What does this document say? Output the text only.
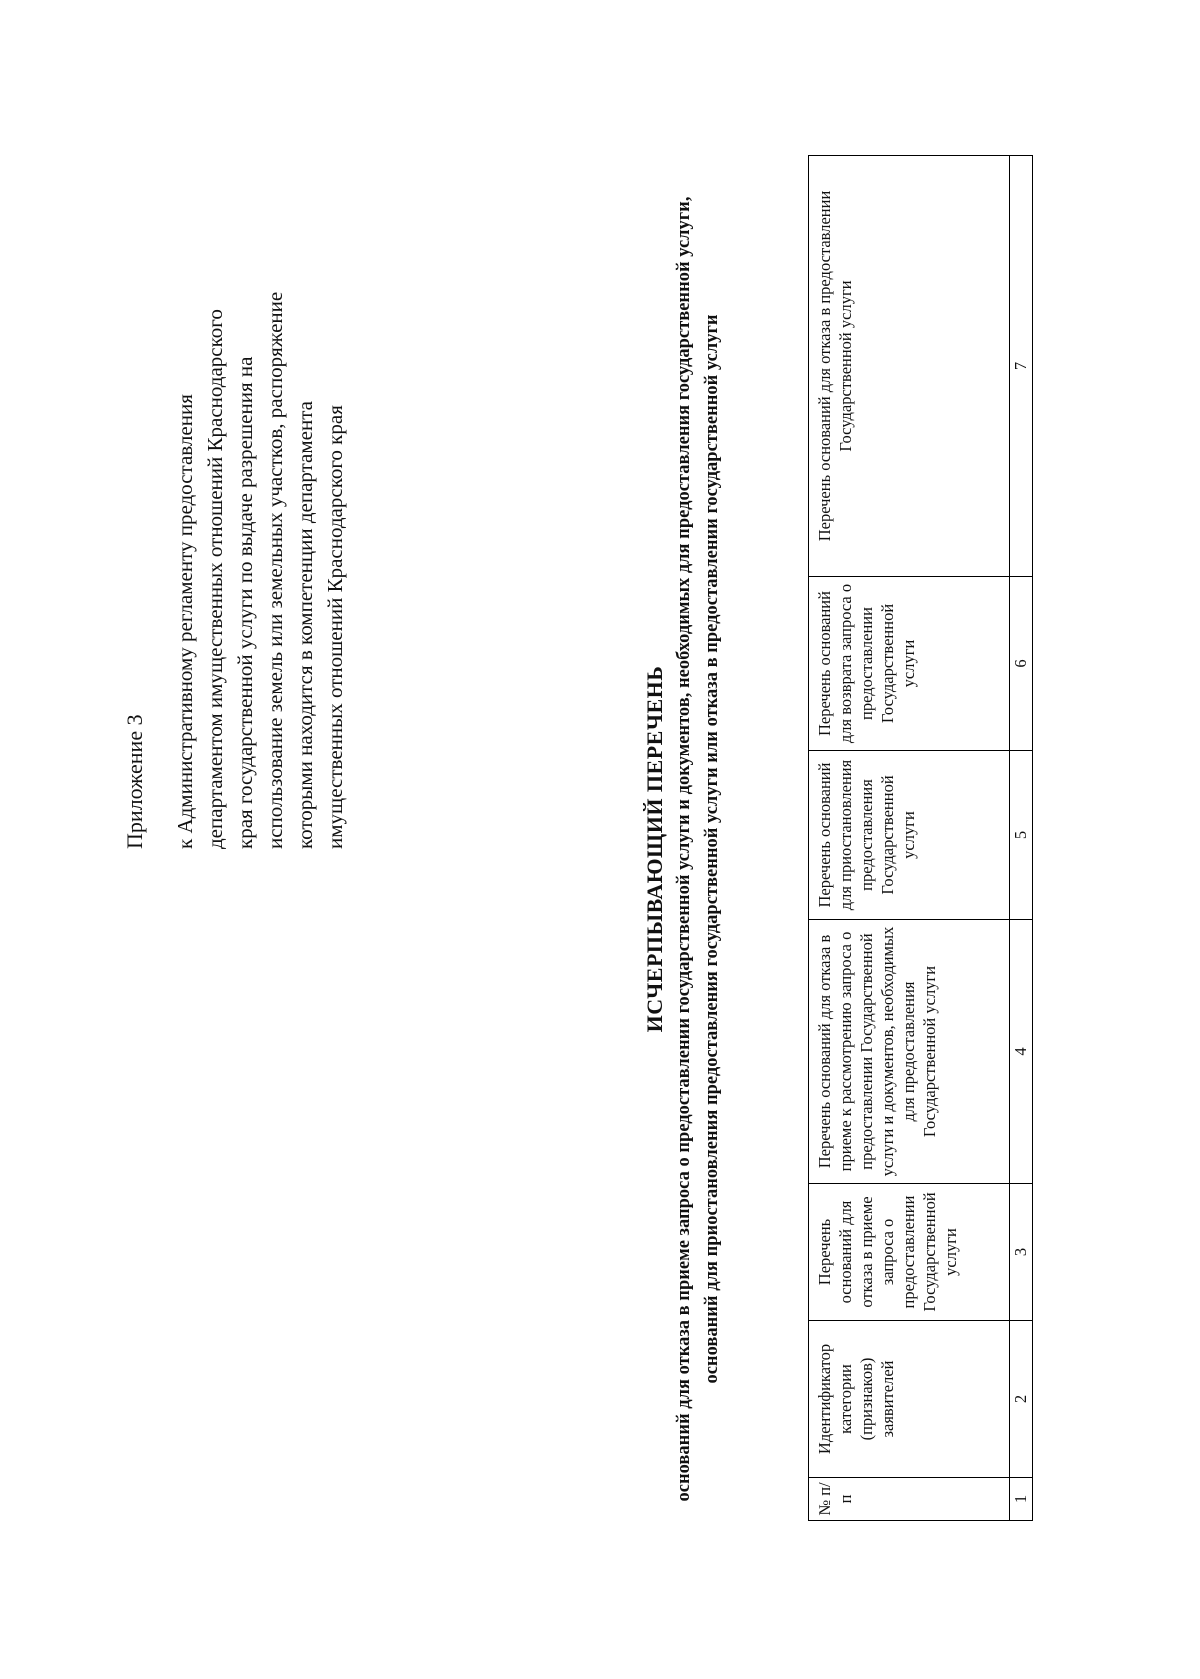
Приложение 3 к Административному регламенту предоставления департаментом имущественных отношений Краснодарского края государственной услуги по выдаче разрешения на использование земель или земельных участков, распоряжение которыми находится в компетенции департамента имущественных отношений Краснодарского края

ИСЧЕРПЫВАЮЩИЙ ПЕРЕЧЕНЬ оснований для отказа в приеме запроса о предоставлении государственной услуги и документов, необходимых для предоставления государственной услуги, оснований для приостановления предоставления государственной услуги или отказа в предоставлении государственной услуги
№ п/п	Идентификатор категории (признаков) заявителей	Перечень оснований для отказа в приеме запроса о предоставлении Государственной услуги	Перечень оснований для отказа в приеме к рассмотрению запроса о предоставлении Государственной услуги и документов, необходимых для предоставления Государственной услуги	Перечень оснований для приостановления предоставления Государственной услуги	Перечень оснований для возврата запроса о предоставлении Государственной услуги	Перечень оснований для отказа в предоставлении Государственной услуги
1	2	3	4	5	6	7
